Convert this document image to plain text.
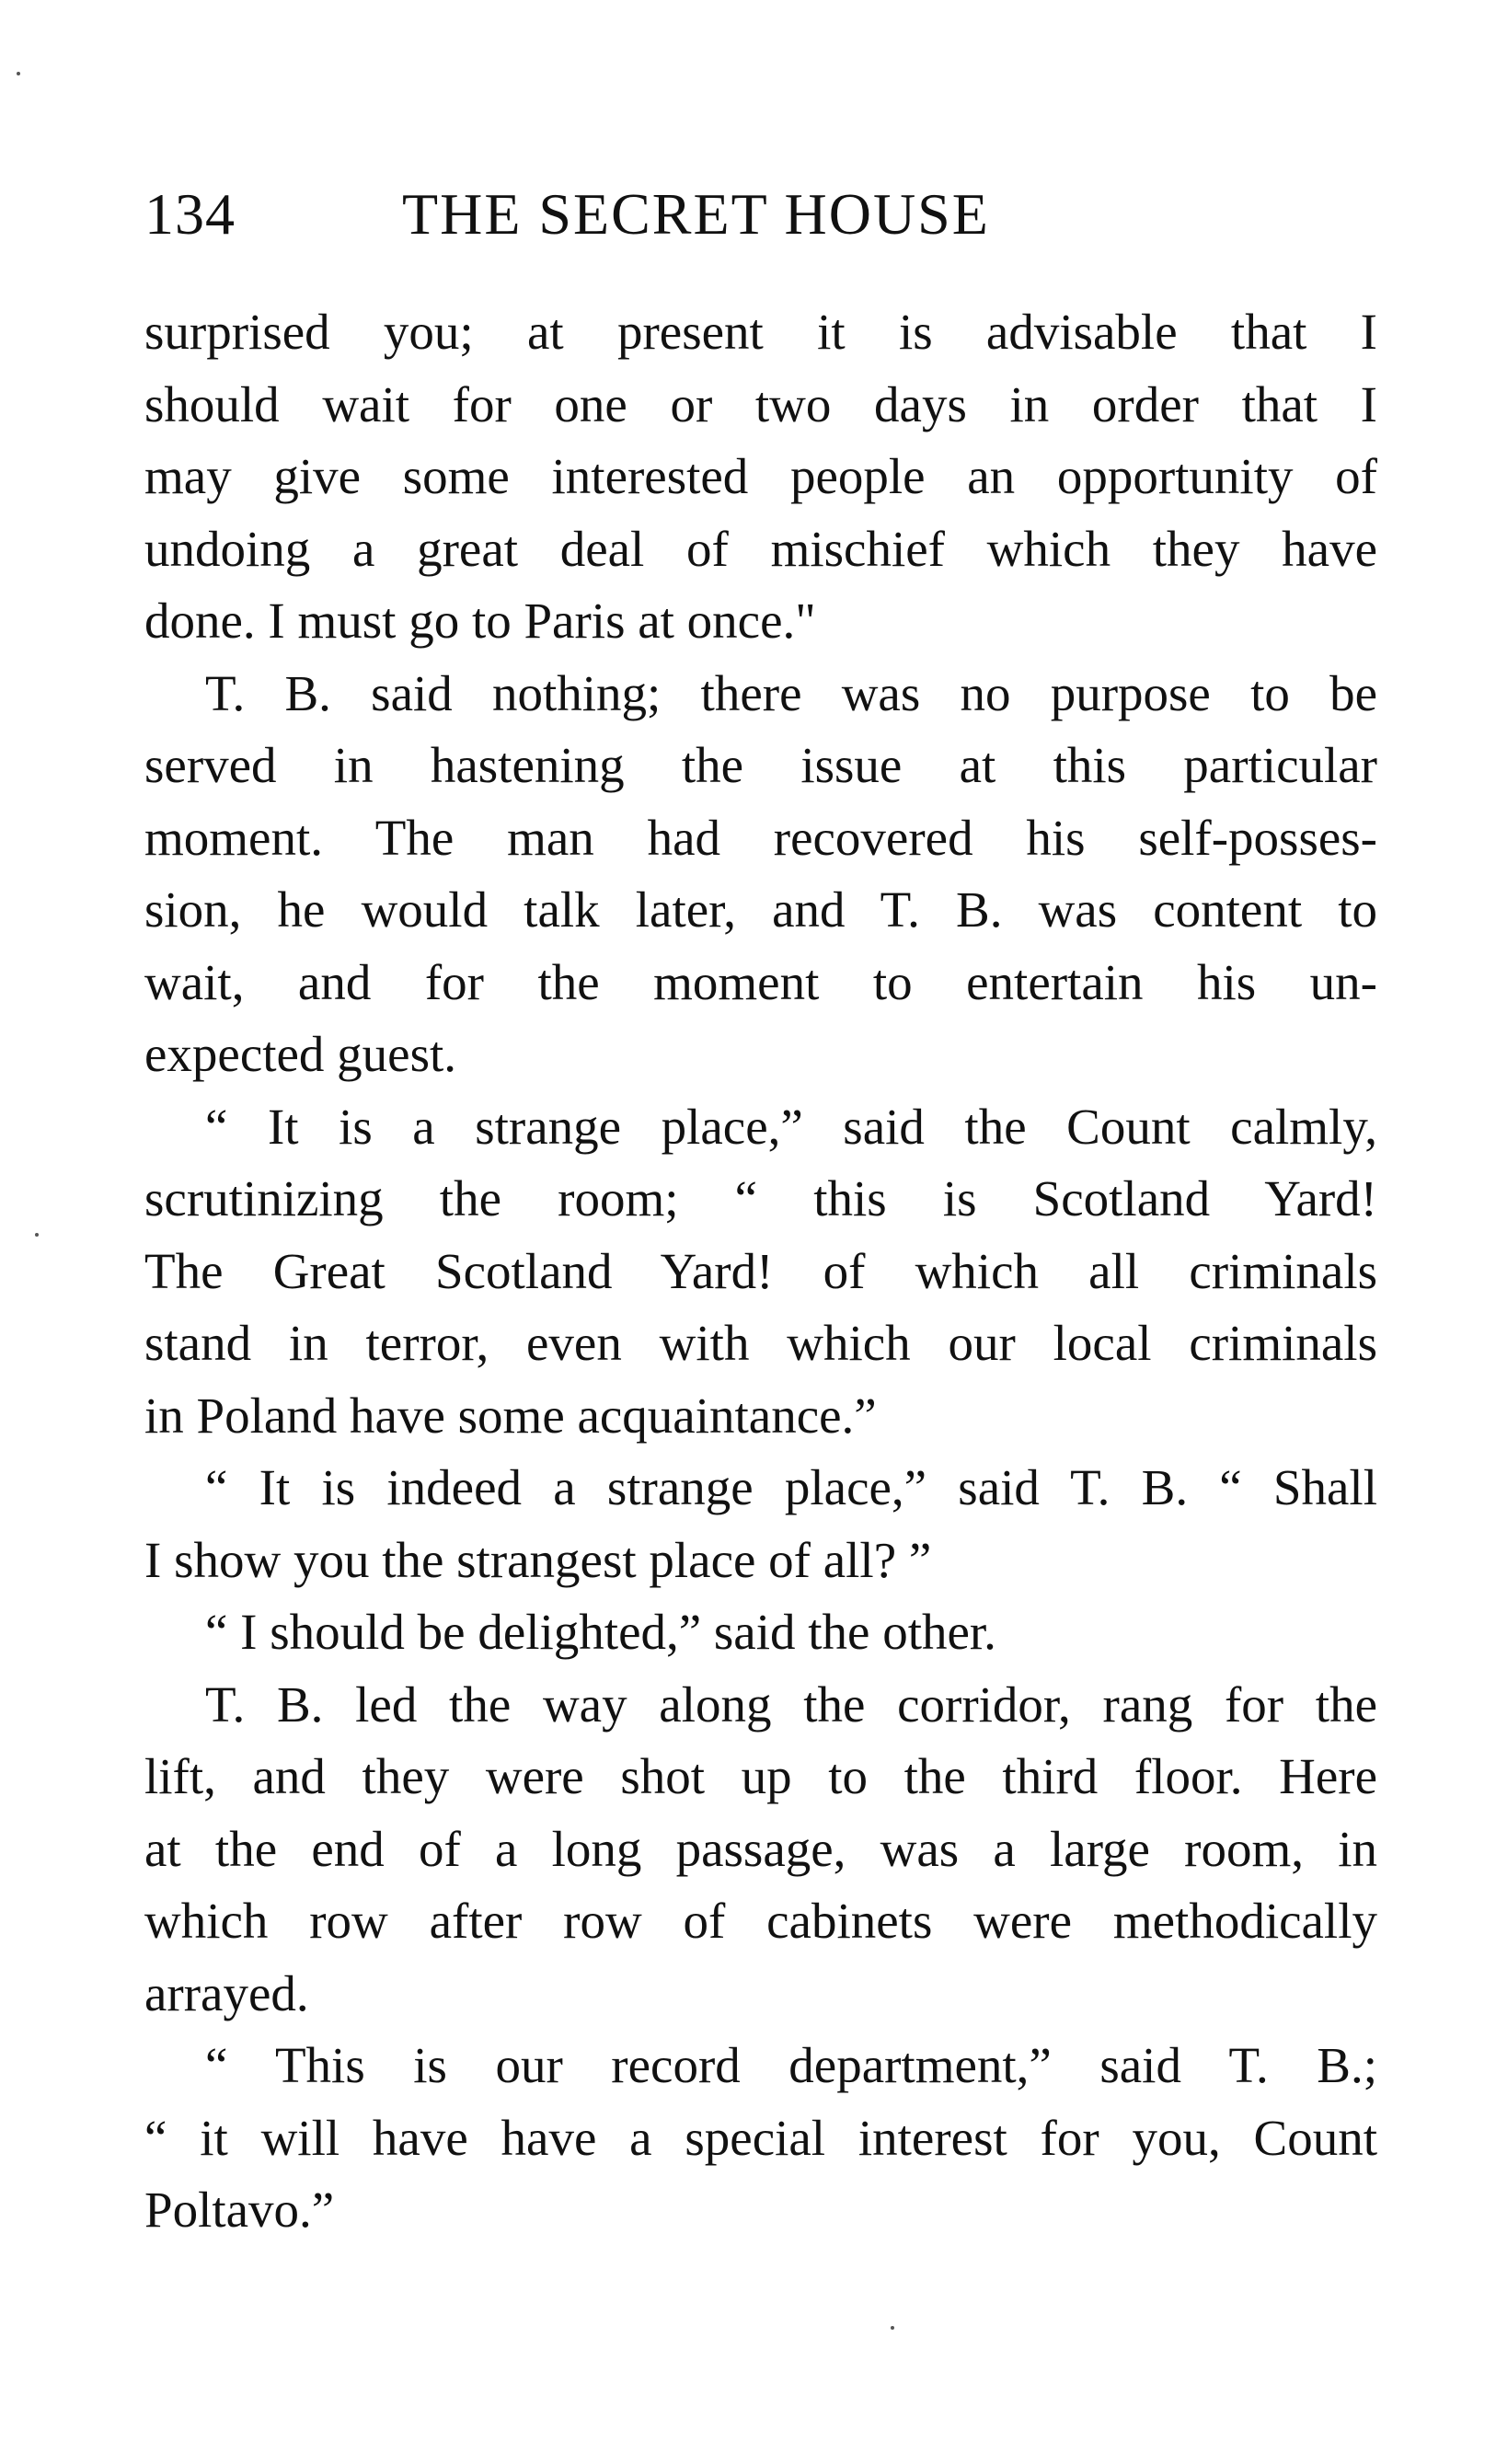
134	THE SECRET HOUSE
surprised you; at present it is advisable that I
should wait for one or two days in order that I
may give some interested people an opportunity of
undoing a great deal of mischief which they have
done. I must go to Paris at once."
T. B. said nothing; there was no purpose to be
served in hastening the issue at this particular
moment. The man had recovered his self-posses-
sion, he would talk later, and T. B. was content to
wait, and for the moment to entertain his un-
expected guest.
“ It is a strange place,” said the Count calmly,
scrutinizing the room; “ this is Scotland Yard!
The Great Scotland Yard! of which all criminals
stand in terror, even with which our local criminals
in Poland have some acquaintance.”
“ It is indeed a strange place,” said T. B. “ Shall
I show you the strangest place of all? ”
“ I should be delighted,” said the other.
T. B. led the way along the corridor, rang for the
lift, and they were shot up to the third floor. Here
at the end of a long passage, was a large room, in
which row after row of cabinets were methodically
arrayed.
“ This is our record department,” said T. B.;
“ it will have have a special interest for you, Count
Poltavo.”
